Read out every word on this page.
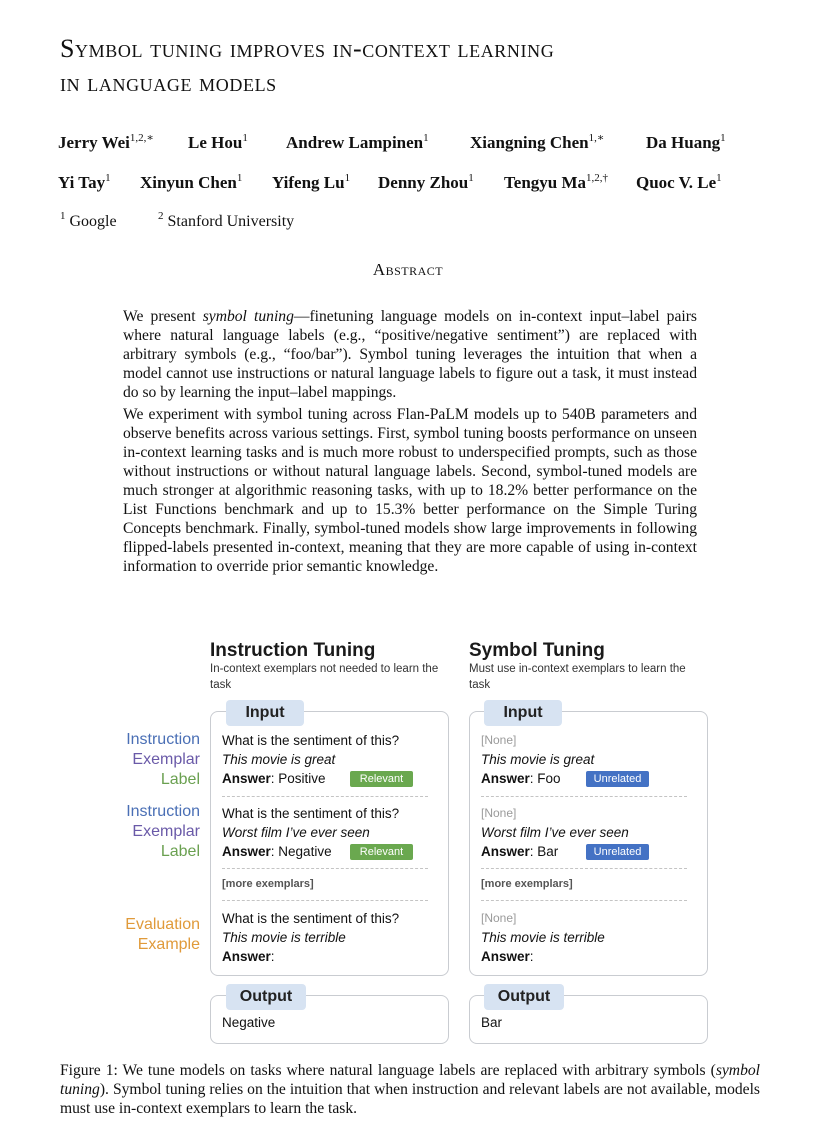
Symbol tuning improves in-context learning
in language models
Jerry Wei$^{1,2,∗}$ Le Hou$^1$ Andrew Lampinen$^1$ Xiangning Chen$^{1,∗}$ Da Huang$^1$
Yi Tay$^1$ Xinyun Chen$^1$ Yifeng Lu$^1$ Denny Zhou$^1$ Tengyu $Ma^{1,2,\dagger}$ Quoc V. Le$^1$
$^1$ Google	$^2$ Stanford University
Abstract

We present symbol tuning—finetuning language models on in-context input–label pairs where natural language labels (e.g., “positive/negative sentiment”) are replaced with arbitrary symbols (e.g., “foo/bar”). Symbol tuning leverages the intuition that when a model cannot use instructions or natural language labels to figure out a task, it must instead do so by learning the input–label mappings.

We experiment with symbol tuning across Flan-PaLM models up to 540B parameters and observe benefits across various settings. First, symbol tuning boosts performance on unseen in-context learning tasks and is much more robust to underspecified prompts, such as those without instructions or without natural language labels. Second, symbol-tuned models are much stronger at algorithmic reasoning tasks, with up to 18.2% better performance on the List Functions benchmark and up to 15.3% better performance on the Simple Turing Concepts benchmark. Finally, symbol-tuned models show large improvements in following flipped-labels presented in-context, meaning that they are more capable of using in-context information to override prior semantic knowledge.

Instruction Tuning
In-context exemplars not needed to learn the task
Symbol Tuning
Must use in-context exemplars to learn the task
Instruction
Exemplar
Label
Instruction
Exemplar
Label
Evaluation
Example
Input
What is the sentiment of this?
This movie is great
Answer: Positive	Relevant
What is the sentiment of this?
Worst film I’ve ever seen
Answer: Negative	Relevant
[more exemplars]
What is the sentiment of this?
This movie is terrible
Answer:
Output
Negative
Input
[None]
This movie is great
Answer: Foo	Unrelated
[None]
Worst film I’ve ever seen
Answer: Bar	Unrelated
[more exemplars]
[None]
This movie is terrible
Answer:
Output
Bar
Figure 1: We tune models on tasks where natural language labels are replaced with arbitrary symbols (symbol tuning). Symbol tuning relies on the intuition that when instruction and relevant labels are not available, models must use in-context exemplars to learn the task.
